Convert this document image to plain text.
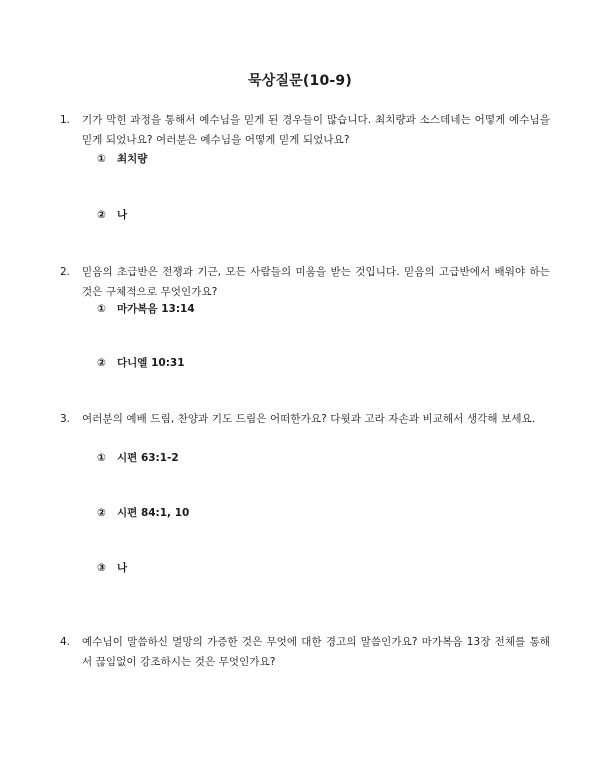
묵상질문(10-9)
1. 기가 막힌 과정을 통해서 예수님을 믿게 된 경우들이 많습니다. 최치량과 소스데네는 어떻게 예수님을 믿게 되었나요? 여러분은 예수님을 어떻게 믿게 되었나요?
① 최치량
② 나
2. 믿음의 초급반은 전쟁과 기근, 모든 사람들의 미움을 받는 것입니다. 믿음의 고급반에서 배워야 하는 것은 구체적으로 무엇인가요?
① 마가복음 13:14
② 다니엘 10:31
3. 여러분의 예배 드림, 찬양과 기도 드림은 어떠한가요? 다윗과 고라 자손과 비교해서 생각해 보세요.
① 시편 63:1-2
② 시편 84:1, 10
③ 나
4. 예수님이 말씀하신 멸망의 가증한 것은 무엇에 대한 경고의 말씀인가요? 마가복음 13장 전체를 통해서 끊임없이 강조하시는 것은 무엇인가요?
